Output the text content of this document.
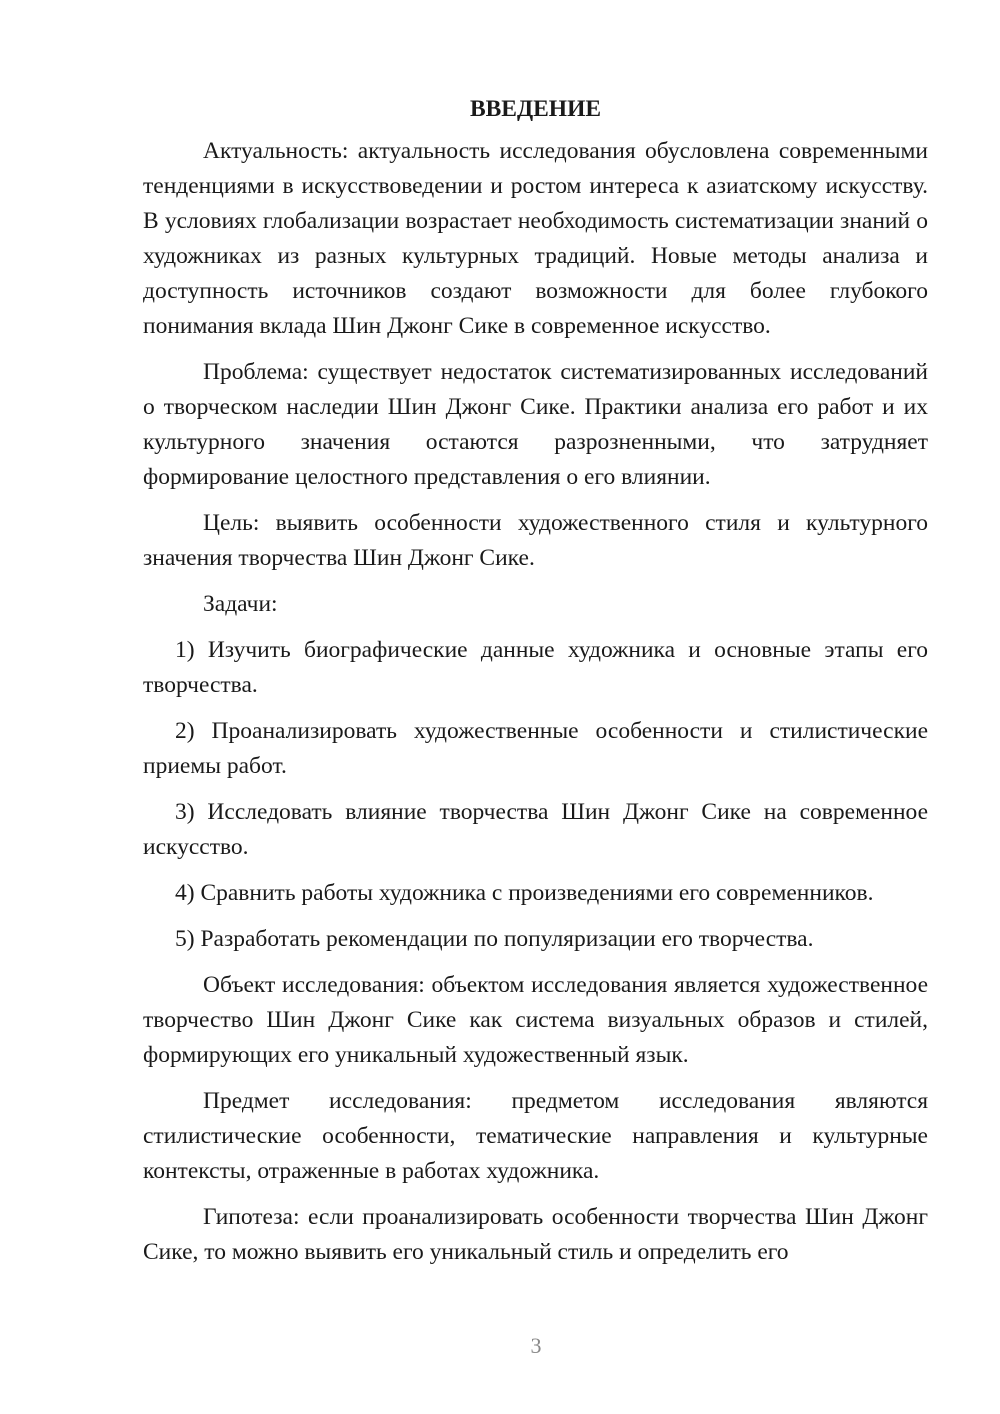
ВВЕДЕНИЕ

Актуальность: актуальность исследования обусловлена современными тенденциями в искусствоведении и ростом интереса к азиатскому искусству. В условиях глобализации возрастает необходимость систематизации знаний о художниках из разных культурных традиций. Новые методы анализа и доступность источников создают возможности для более глубокого понимания вклада Шин Джонг Сике в современное искусство.

Проблема: существует недостаток систематизированных исследований о творческом наследии Шин Джонг Сике. Практики анализа его работ и их культурного значения остаются разрозненными, что затрудняет формирование целостного представления о его влиянии.

Цель: выявить особенности художественного стиля и культурного значения творчества Шин Джонг Сике.

Задачи:

1) Изучить биографические данные художника и основные этапы его творчества.

2) Проанализировать художественные особенности и стилистические приемы работ.

3) Исследовать влияние творчества Шин Джонг Сике на современное искусство.

4) Сравнить работы художника с произведениями его современников.

5) Разработать рекомендации по популяризации его творчества.

Объект исследования: объектом исследования является художественное творчество Шин Джонг Сике как система визуальных образов и стилей, формирующих его уникальный художественный язык.

Предмет исследования: предметом исследования являются стилистические особенности, тематические направления и культурные контексты, отраженные в работах художника.

Гипотеза: если проанализировать особенности творчества Шин Джонг Сике, то можно выявить его уникальный стиль и определить его

3
